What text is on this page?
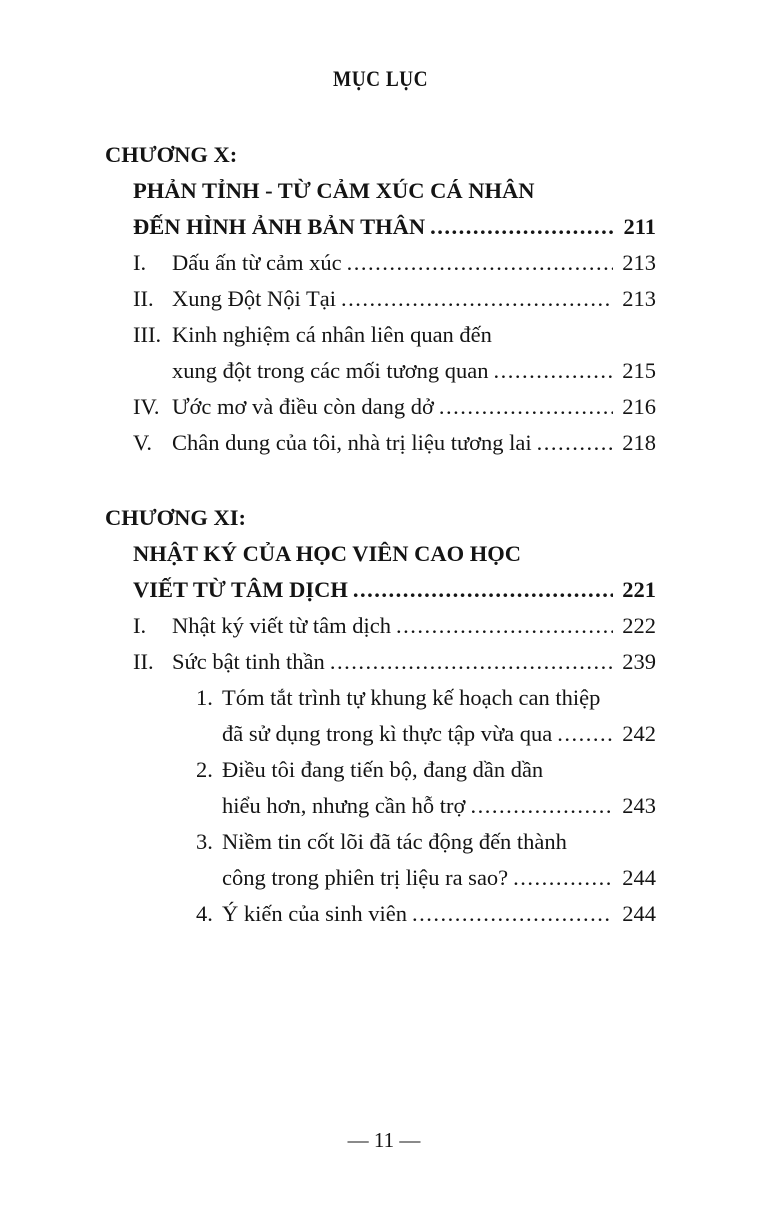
MỤC LỤC
CHƯƠNG X:
PHẢN TỈNH - TỪ CẢM XÚC CÁ NHÂN
ĐẾN HÌNH ẢNH BẢN THÂN .....	211
I.	Dấu ấn từ cảm xúc .....	213
II. Xung Đột Nội Tại .....	213
III. Kinh nghiệm cá nhân liên quan đến
xung đột trong các mối tương quan .....	215
IV. Ước mơ và điều còn dang dở .....	216
V. Chân dung của tôi, nhà trị liệu tương lai .....	218
CHƯƠNG XI:
NHẬT KÝ CỦA HỌC VIÊN CAO HỌC
VIẾT TỪ TÂM DỊCH .....	221
I.	Nhật ký viết từ tâm dịch .....	222
II. Sức bật tinh thần .....	239
1. Tóm tắt trình tự khung kế hoạch can thiệp
đã sử dụng trong kì thực tập vừa qua .....	242
2. Điều tôi đang tiến bộ, đang dần dần
hiểu hơn, nhưng cần hỗ trợ .....	243
3. Niềm tin cốt lõi đã tác động đến thành
công trong phiên trị liệu ra sao? .....	244
4. Ý kiến của sinh viên .....	244
— 11 —
